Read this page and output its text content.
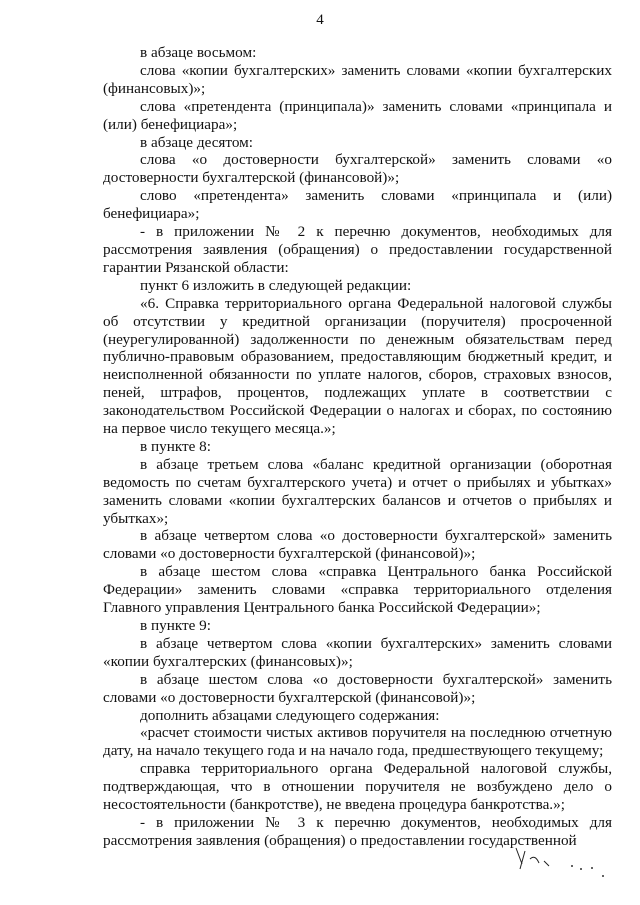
4

в абзаце восьмом:

слова «копии бухгалтерских» заменить словами «копии бухгалтерских (финансовых)»;

слова «претендента (принципала)» заменить словами «принципала и (или) бенефициара»;

в абзаце десятом:

слова «о достоверности бухгалтерской» заменить словами «о достоверности бухгалтерской (финансовой)»;

слово «претендента» заменить словами «принципала и (или) бенефициара»;

- в приложении № 2 к перечню документов, необходимых для рассмотрения заявления (обращения) о предоставлении государственной гарантии Рязанской области:

пункт 6 изложить в следующей редакции:

«6. Справка территориального органа Федеральной налоговой службы об отсутствии у кредитной организации (поручителя) просроченной (неурегулированной) задолженности по денежным обязательствам перед публично-правовым образованием, предоставляющим бюджетный кредит, и неисполненной обязанности по уплате налогов, сборов, страховых взносов, пеней, штрафов, процентов, подлежащих уплате в соответствии с законодательством Российской Федерации о налогах и сборах, по состоянию на первое число текущего месяца.»;

в пункте 8:

в абзаце третьем слова «баланс кредитной организации (оборотная ведомость по счетам бухгалтерского учета) и отчет о прибылях и убытках» заменить словами «копии бухгалтерских балансов и отчетов о прибылях и убытках»;

в абзаце четвертом слова «о достоверности бухгалтерской» заменить словами «о достоверности бухгалтерской (финансовой)»;

в абзаце шестом слова «справка Центрального банка Российской Федерации» заменить словами «справка территориального отделения Главного управления Центрального банка Российской Федерации»;

в пункте 9:

в абзаце четвертом слова «копии бухгалтерских» заменить словами «копии бухгалтерских (финансовых)»;

в абзаце шестом слова «о достоверности бухгалтерской» заменить словами «о достоверности бухгалтерской (финансовой)»;

дополнить абзацами следующего содержания:

«расчет стоимости чистых активов поручителя на последнюю отчетную дату, на начало текущего года и на начало года, предшествующего текущему;

справка территориального органа Федеральной налоговой службы, подтверждающая, что в отношении поручителя не возбуждено дело о несостоятельности (банкротстве), не введена процедура банкротства.»;

- в приложении № 3 к перечню документов, необходимых для рассмотрения заявления (обращения) о предоставлении государственной
